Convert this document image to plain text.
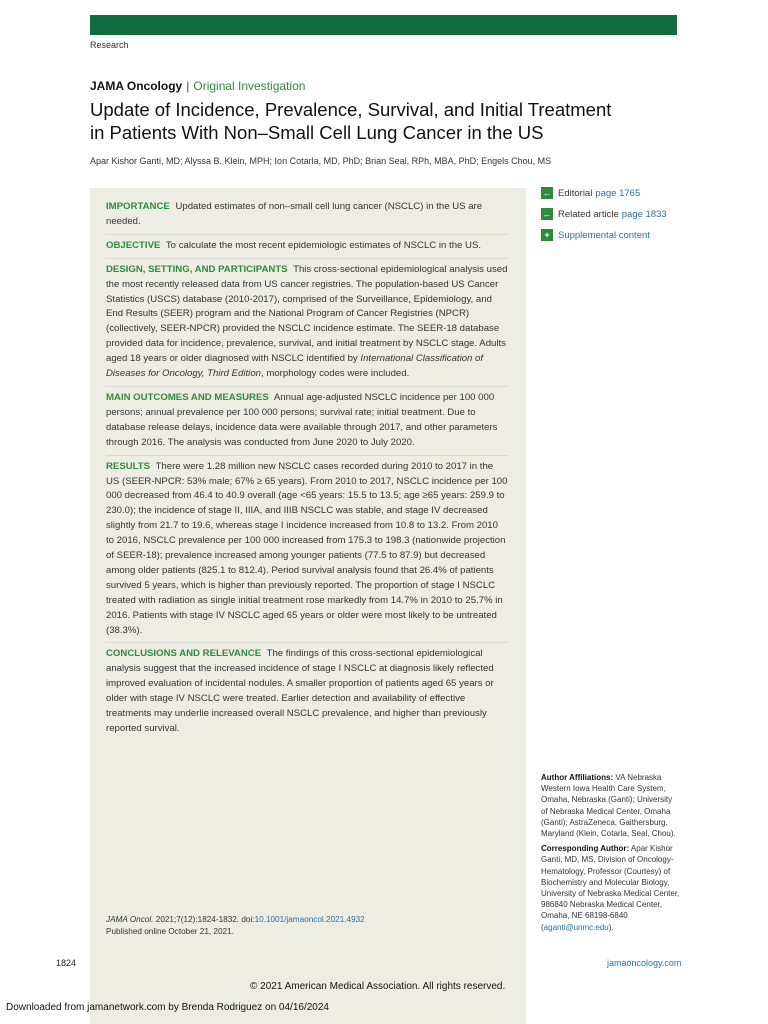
Research
JAMA Oncology | Original Investigation
Update of Incidence, Prevalence, Survival, and Initial Treatment
in Patients With Non–Small Cell Lung Cancer in the US
Apar Kishor Ganti, MD; Alyssa B. Klein, MPH; Ion Cotarla, MD, PhD; Brian Seal, RPh, MBA, PhD; Engels Chou, MS
IMPORTANCE Updated estimates of non–small cell lung cancer (NSCLC) in the US are needed.
OBJECTIVE To calculate the most recent epidemiologic estimates of NSCLC in the US.
DESIGN, SETTING, AND PARTICIPANTS This cross-sectional epidemiological analysis used the most recently released data from US cancer registries. The population-based US Cancer Statistics (USCS) database (2010-2017), comprised of the Surveillance, Epidemiology, and End Results (SEER) program and the National Program of Cancer Registries (NPCR) (collectively, SEER-NPCR) provided the NSCLC incidence estimate. The SEER-18 database provided data for incidence, prevalence, survival, and initial treatment by NSCLC stage. Adults aged 18 years or older diagnosed with NSCLC identified by International Classification of Diseases for Oncology, Third Edition, morphology codes were included.
MAIN OUTCOMES AND MEASURES Annual age-adjusted NSCLC incidence per 100 000 persons; annual prevalence per 100 000 persons; survival rate; initial treatment. Due to database release delays, incidence data were available through 2017, and other parameters through 2016. The analysis was conducted from June 2020 to July 2020.
RESULTS There were 1.28 million new NSCLC cases recorded during 2010 to 2017 in the US (SEER-NPCR: 53% male; 67% ≥ 65 years). From 2010 to 2017, NSCLC incidence per 100 000 decreased from 46.4 to 40.9 overall (age <65 years: 15.5 to 13.5; age ≥65 years: 259.9 to 230.0); the incidence of stage II, IIIA, and IIIB NSCLC was stable, and stage IV decreased slightly from 21.7 to 19.6, whereas stage I incidence increased from 10.8 to 13.2. From 2010 to 2016, NSCLC prevalence per 100 000 increased from 175.3 to 198.3 (nationwide projection of SEER-18); prevalence increased among younger patients (77.5 to 87.9) but decreased among older patients (825.1 to 812.4). Period survival analysis found that 26.4% of patients survived 5 years, which is higher than previously reported. The proportion of stage I NSCLC treated with radiation as single initial treatment rose markedly from 14.7% in 2010 to 25.7% in 2016. Patients with stage IV NSCLC aged 65 years or older were most likely to be untreated (38.3%).
CONCLUSIONS AND RELEVANCE The findings of this cross-sectional epidemiological analysis suggest that the increased incidence of stage I NSCLC at diagnosis likely reflected improved evaluation of incidental nodules. A smaller proportion of patients aged 65 years or older with stage IV NSCLC were treated. Earlier detection and availability of effective treatments may underlie increased overall NSCLC prevalence, and higher than previously reported survival.
JAMA Oncol. 2021;7(12):1824-1832. doi:10.1001/jamaoncol.2021.4932
Published online October 21, 2021.
← Editorial page 1765
← Related article page 1833
+ Supplemental content

Author Affiliations: VA Nebraska Western Iowa Health Care System, Omaha, Nebraska (Ganti); University of Nebraska Medical Center, Omaha (Ganti); AstraZeneca, Gaithersburg, Maryland (Klein, Cotarla, Seal, Chou).

Corresponding Author: Apar Kishor Ganti, MD, MS, Division of Oncology-Hematology, Professor (Courtesy) of Biochemistry and Molecular Biology, University of Nebraska Medical Center, 986840 Nebraska Medical Center, Omaha, NE 68198-6840 (aganti@unmc.edu).

1824	jamaoncology.com
© 2021 American Medical Association. All rights reserved.
Downloaded from jamanetwork.com by Brenda Rodriguez on 04/16/2024
